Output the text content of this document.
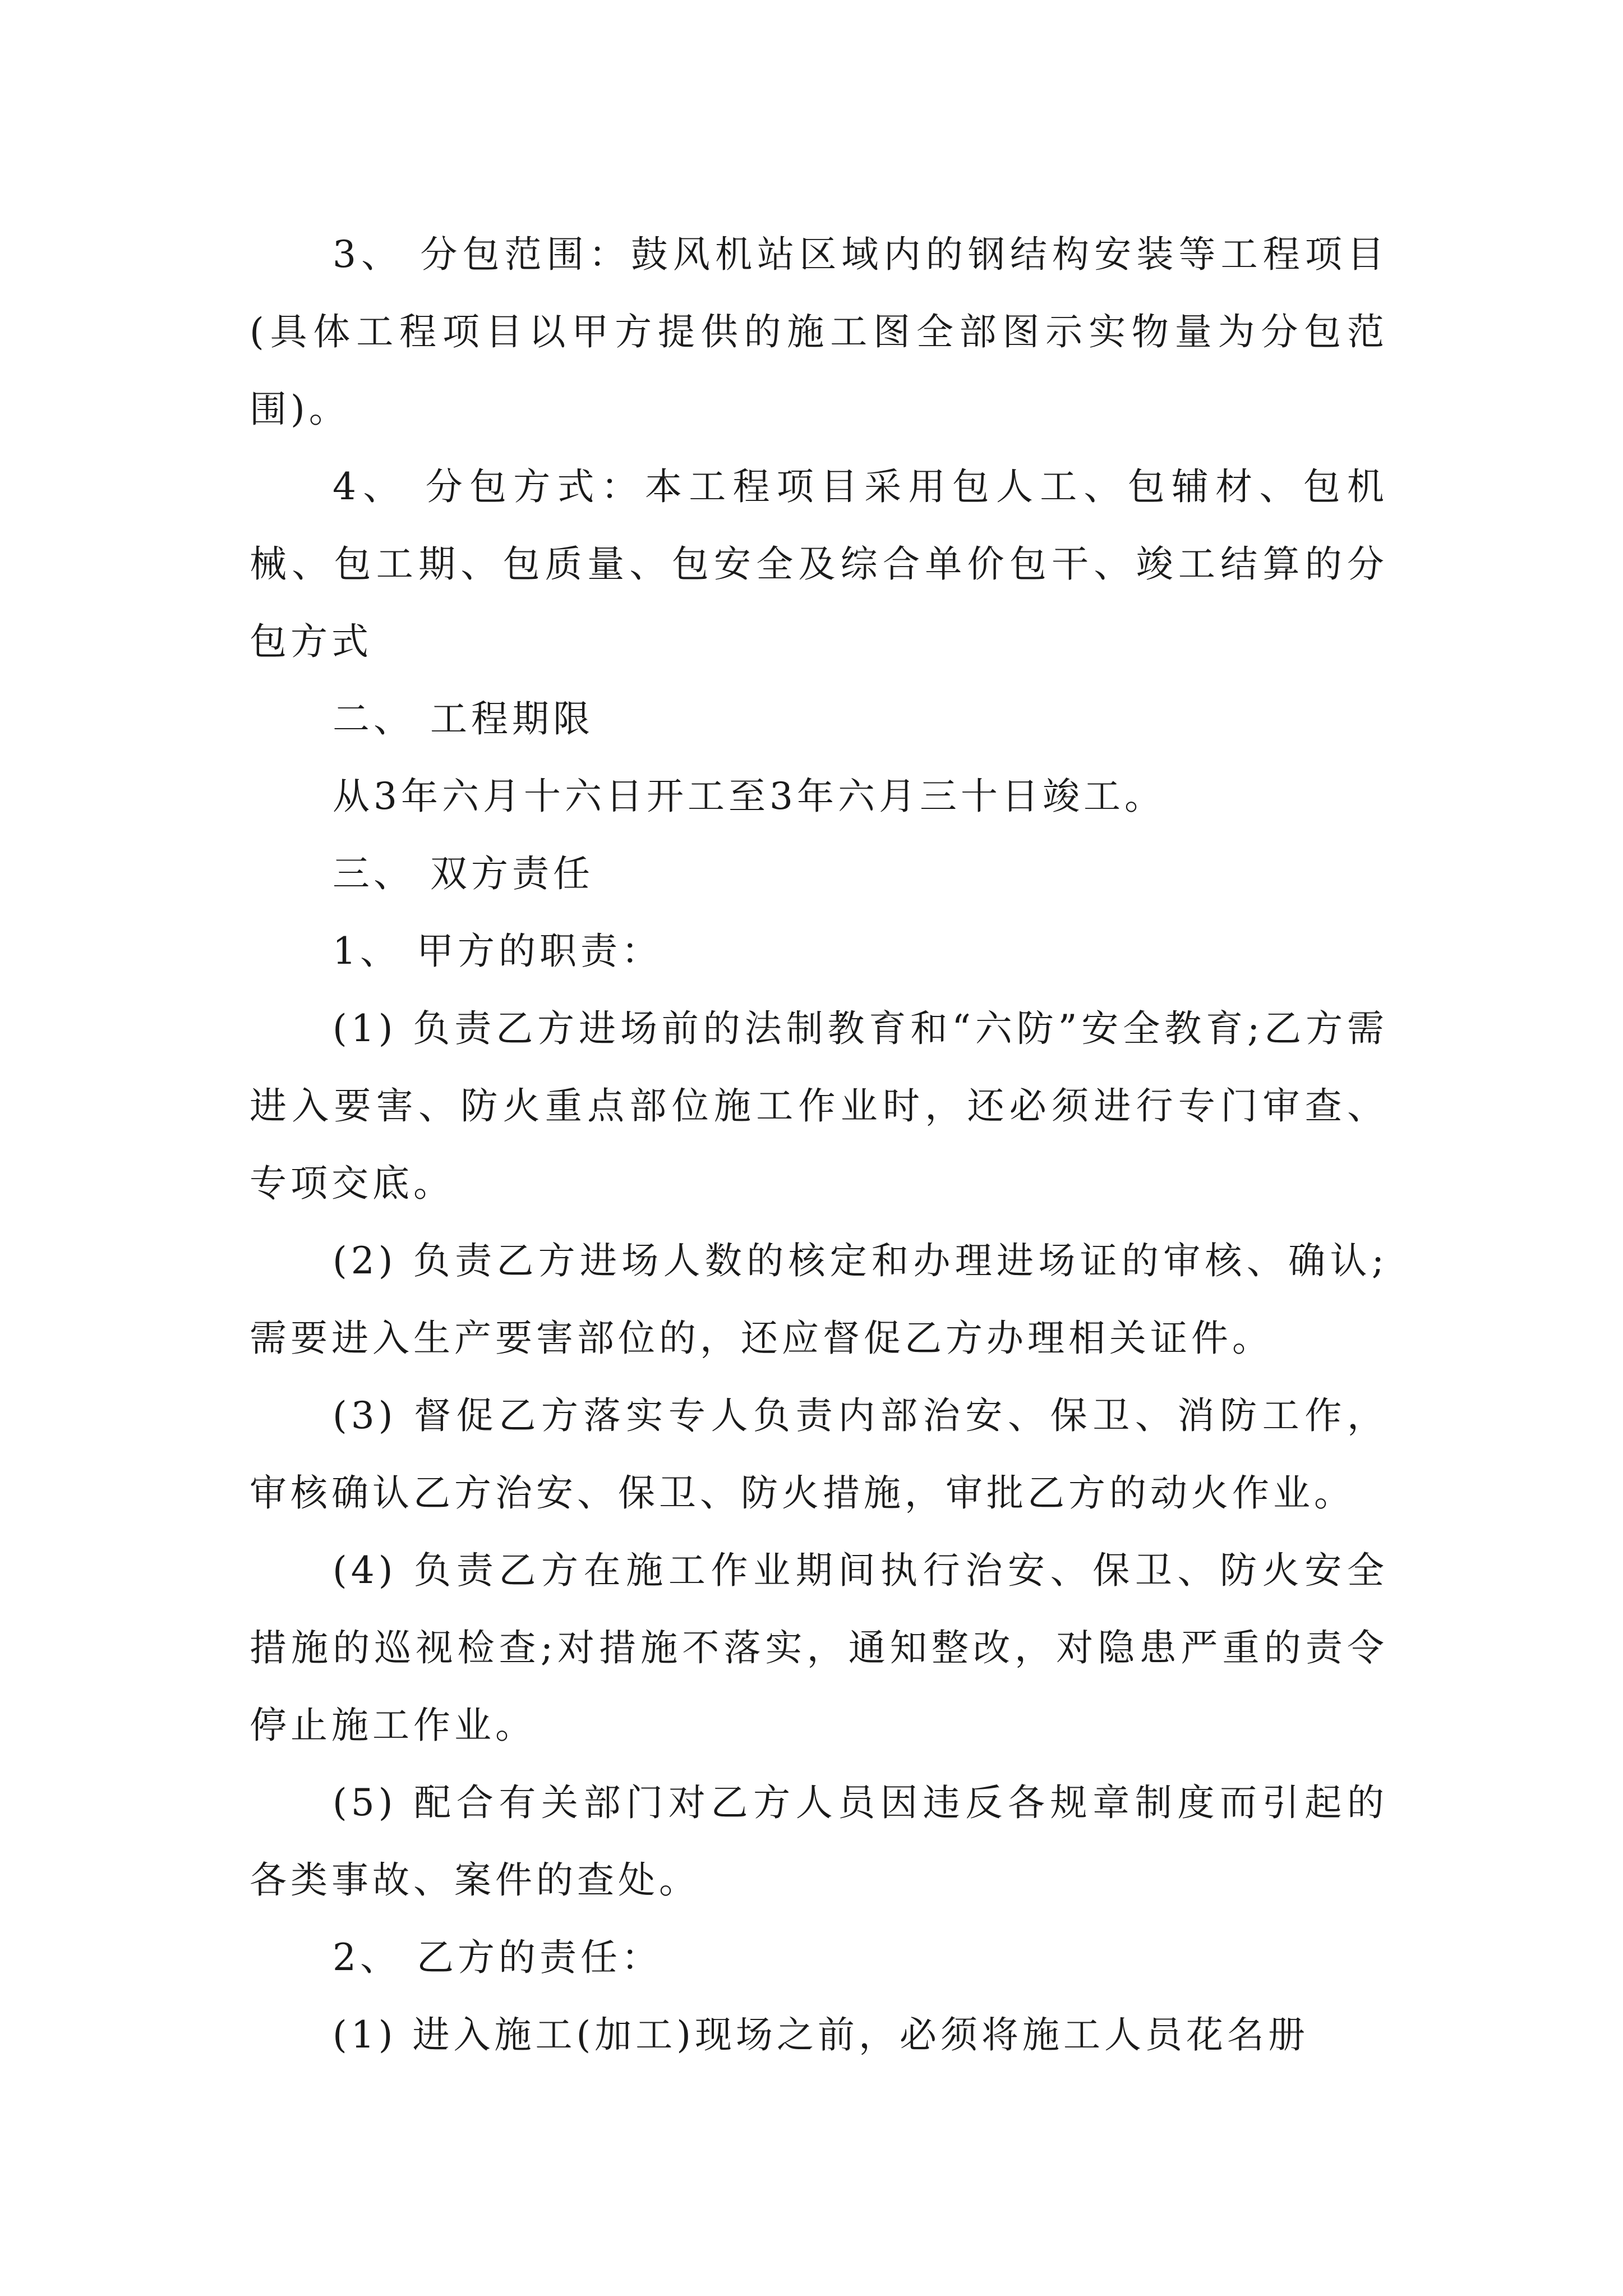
3、 分包范围：鼓风机站区域内的钢结构安装等工程项目(具体工程项目以甲方提供的施工图全部图示实物量为分包范围)。

4、 分包方式：本工程项目采用包人工、包辅材、包机械、包工期、包质量、包安全及综合单价包干、竣工结算的分包方式

二、 工程期限

从3年六月十六日开工至3年六月三十日竣工。

三、 双方责任

1、 甲方的职责：

(1) 负责乙方进场前的法制教育和“六防”安全教育;乙方需进入要害、防火重点部位施工作业时，还必须进行专门审查、专项交底。

(2) 负责乙方进场人数的核定和办理进场证的审核、确认;需要进入生产要害部位的，还应督促乙方办理相关证件。

(3) 督促乙方落实专人负责内部治安、保卫、消防工作，审核确认乙方治安、保卫、防火措施，审批乙方的动火作业。

(4) 负责乙方在施工作业期间执行治安、保卫、防火安全措施的巡视检查;对措施不落实，通知整改，对隐患严重的责令停止施工作业。

(5) 配合有关部门对乙方人员因违反各规章制度而引起的各类事故、案件的查处。

2、 乙方的责任：

(1) 进入施工(加工)现场之前，必须将施工人员花名册
